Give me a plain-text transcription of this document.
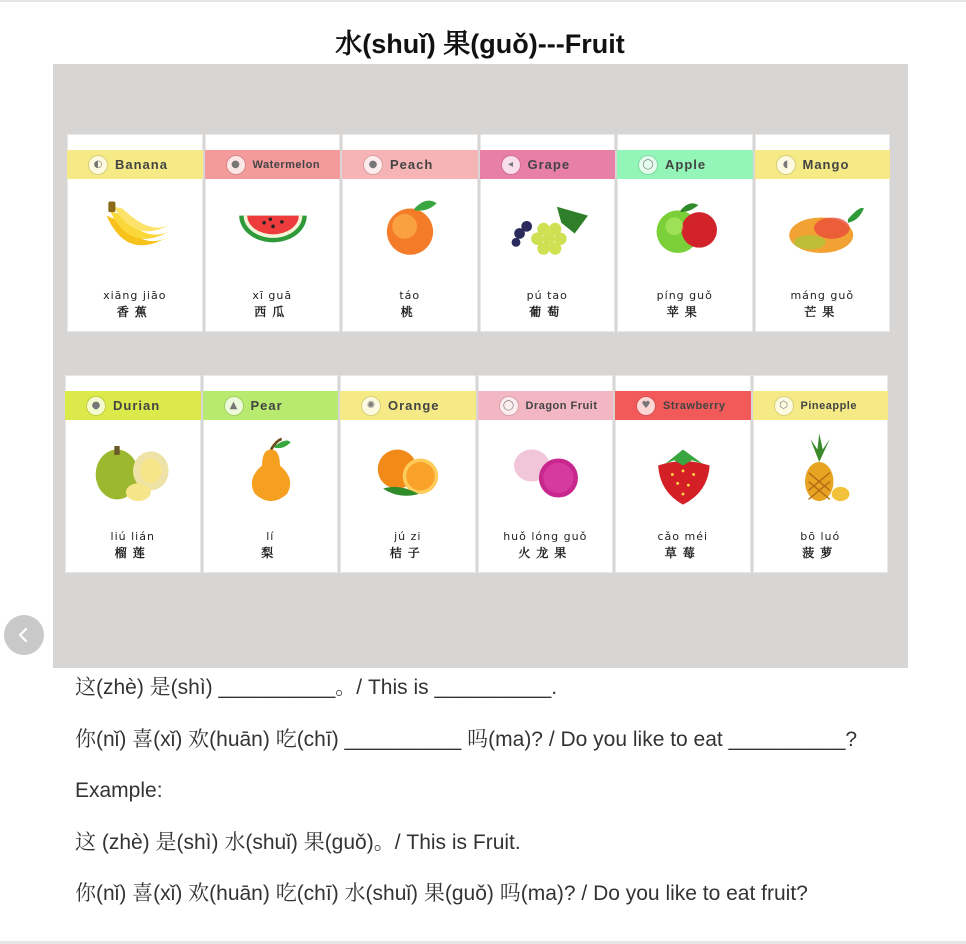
水(shuǐ) 果(guǒ)---Fruit
◐ Banana
xiāng jiāo
香蕉
●	Watermelon
xī guā
西瓜
● Peach
táo
桃
◂	Grape
pú tao
葡萄
◯ Apple
píng guǒ
苹果
◖	Mango
máng guǒ
芒果
● Durian
liú lián
榴莲
▲	Pear
lí
梨
✺ Orange
jú zi
桔子
◯	Dragon Fruit
huǒ lóng guǒ
火龙果
♥	Strawberry
cǎo méi
草莓
⬡	Pineapple
bō luó
菠萝
这(zhè) 是(shì) __________。/ This is __________.
你(nǐ) 喜(xǐ) 欢(huān) 吃(chī) __________ 吗(ma)? / Do you like to eat __________?
Example:
这 (zhè) 是(shì) 水(shuǐ) 果(guǒ)。/ This is Fruit.
你(nǐ) 喜(xǐ) 欢(huān) 吃(chī) 水(shuǐ) 果(guǒ) 吗(ma)? / Do you like to eat fruit?
